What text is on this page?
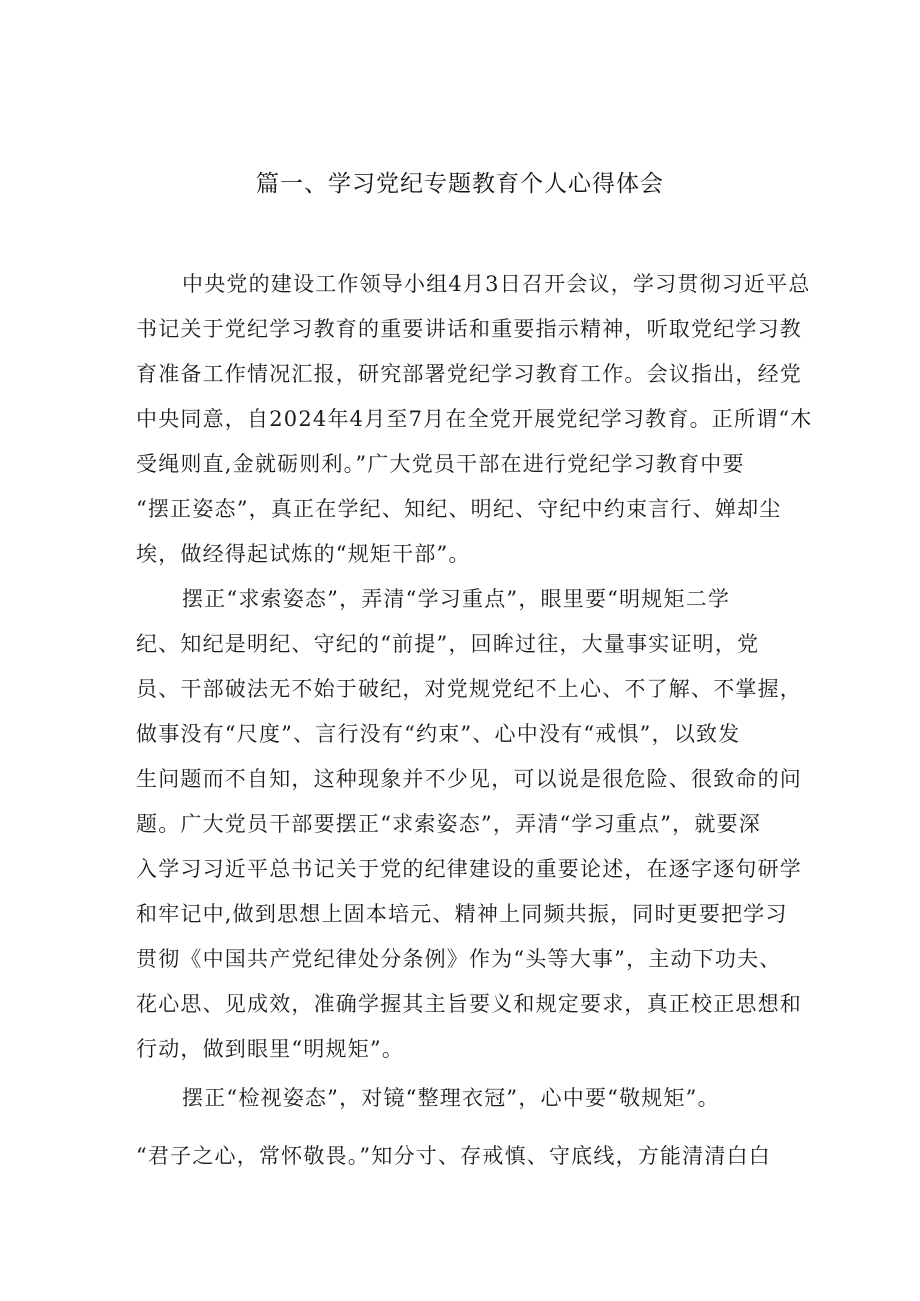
篇一、学习党纪专题教育个人心得体会
中央党的建设工作领导小组4月3日召开会议，学习贯彻习近平总
书记关于党纪学习教育的重要讲话和重要指示精神，听取党纪学习教
育准备工作情况汇报，研究部署党纪学习教育工作。会议指出，经党
中央同意，自2024年4月至7月在全党开展党纪学习教育。正所谓“木
受绳则直,金就砺则利。”广大党员干部在进行党纪学习教育中要
“摆正姿态”，真正在学纪、知纪、明纪、守纪中约束言行、婵却尘
埃，做经得起试炼的“规矩干部”。
摆正“求索姿态”，弄清“学习重点”，眼里要“明规矩二学
纪、知纪是明纪、守纪的“前提”，回眸过往，大量事实证明，党
员、干部破法无不始于破纪，对党规党纪不上心、不了解、不掌握，
做事没有“尺度”、言行没有“约束”、心中没有“戒惧”，以致发
生问题而不自知，这种现象并不少见，可以说是很危险、很致命的问
题。广大党员干部要摆正“求索姿态”，弄清“学习重点”，就要深
入学习习近平总书记关于党的纪律建设的重要论述，在逐字逐句研学
和牢记中,做到思想上固本培元、精神上同频共振，同时更要把学习
贯彻《中国共产党纪律处分条例》作为“头等大事”，主动下功夫、
花心思、见成效，准确学握其主旨要义和规定要求，真正校正思想和
行动，做到眼里“明规矩”。
摆正“检视姿态”，对镜“整理衣冠”，心中要“敬规矩”。
“君子之心，常怀敬畏。”知分寸、存戒慎、守底线，方能清清白白
